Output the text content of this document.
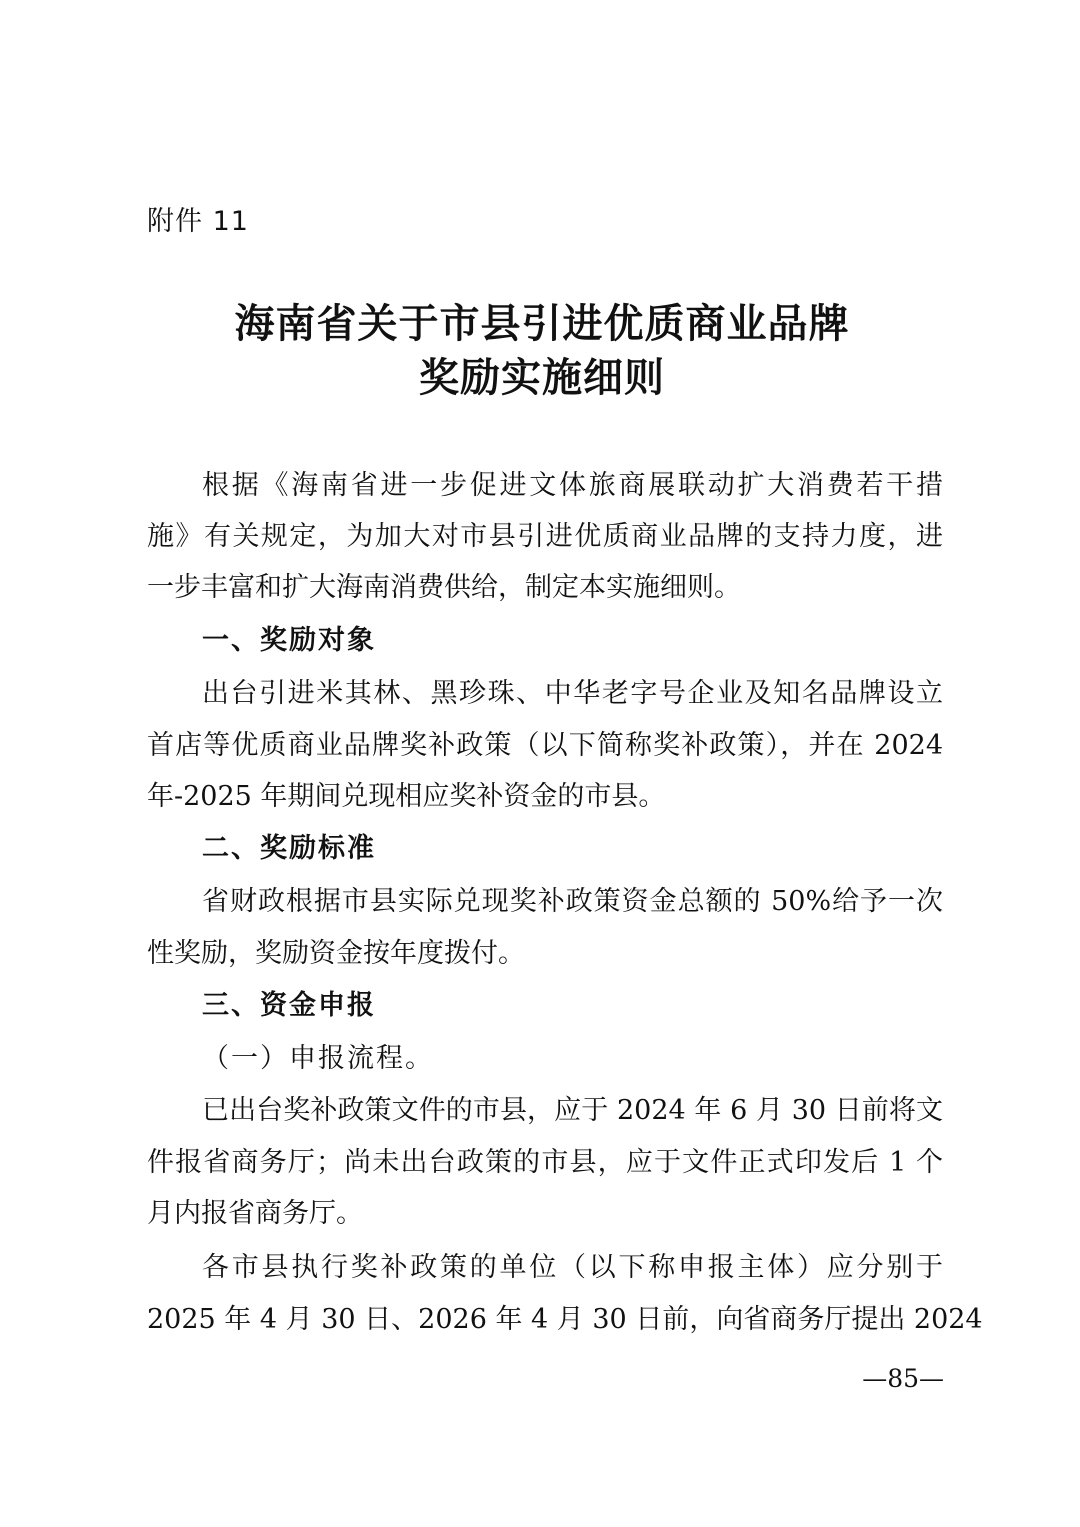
附件 11
海南省关于市县引进优质商业品牌
奖励实施细则
根据《海南省进一步促进文体旅商展联动扩大消费若干措
施》有关规定，为加大对市县引进优质商业品牌的支持力度，进
一步丰富和扩大海南消费供给，制定本实施细则。
一、奖励对象
出台引进米其林、黑珍珠、中华老字号企业及知名品牌设立
首店等优质商业品牌奖补政策（以下简称奖补政策），并在 2024
年-2025 年期间兑现相应奖补资金的市县。
二、奖励标准
省财政根据市县实际兑现奖补政策资金总额的 50%给予一次
性奖励，奖励资金按年度拨付。
三、资金申报
（一）申报流程。
已出台奖补政策文件的市县，应于 2024 年 6 月 30 日前将文
件报省商务厅；尚未出台政策的市县，应于文件正式印发后 1 个
月内报省商务厅。
各市县执行奖补政策的单位（以下称申报主体）应分别于
2025 年 4 月 30 日、2026 年 4 月 30 日前，向省商务厅提出 2024
—85—
